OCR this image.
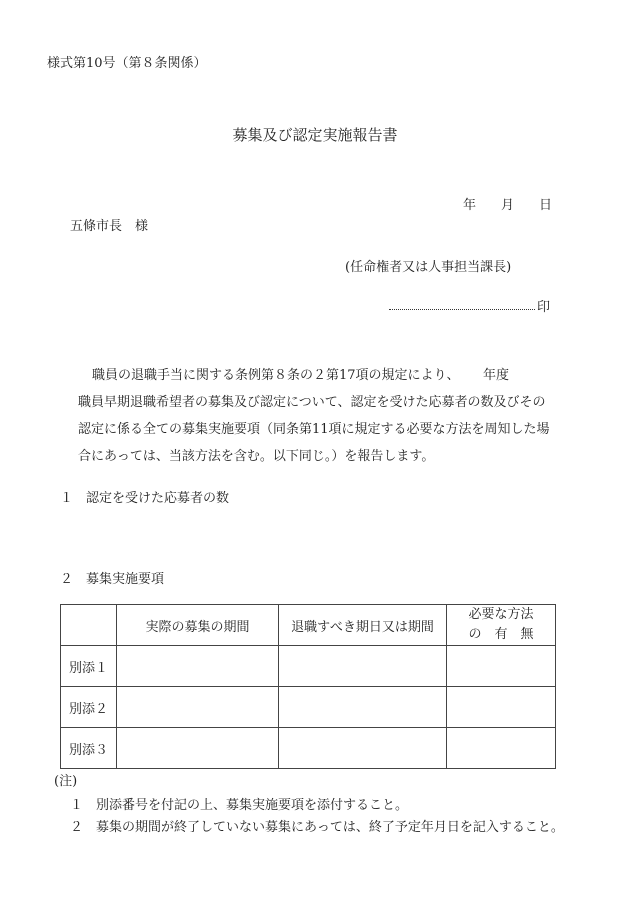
様式第10号（第８条関係）
募集及び認定実施報告書
年 月 日
五條市長　様
(任命権者又は人事担当課長)
印
職員の退職手当に関する条例第８条の２第17項の規定により、 年度
職員早期退職希望者の募集及び認定について、認定を受けた応募者の数及びその
認定に係る全ての募集実施要項（同条第11項に規定する必要な方法を周知した場
合にあっては、当該方法を含む。以下同じ。）を報告します。
１　認定を受けた応募者の数
２　募集実施要項
	実際の募集の期間	退職すべき期日又は期間	必要な方法
の　有　無

別添１			
別添２			
別添３			
(注)
１　別添番号を付記の上、募集実施要項を添付すること。
２　募集の期間が終了していない募集にあっては、終了予定年月日を記入すること。
